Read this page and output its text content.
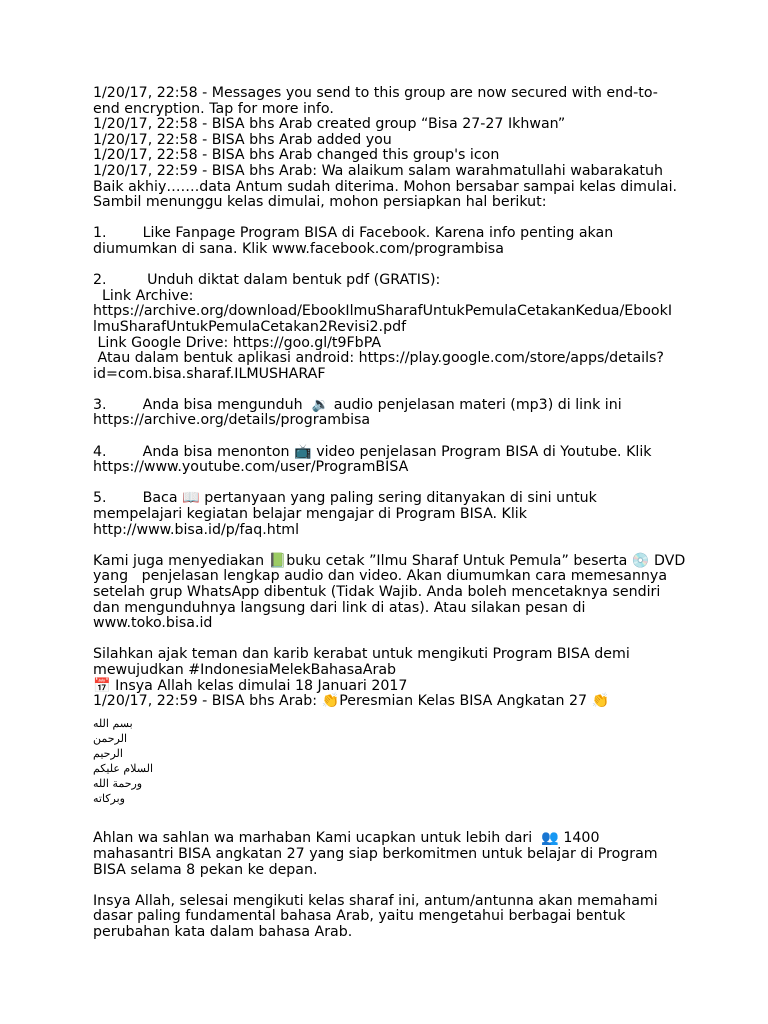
1/20/17, 22:58 - Messages you send to this group are now secured with end-to-
end encryption. Tap for more info.
1/20/17, 22:58 - BISA bhs Arab created group “Bisa 27-27 Ikhwan”
1/20/17, 22:58 - BISA bhs Arab added you
1/20/17, 22:58 - BISA bhs Arab changed this group's icon
1/20/17, 22:59 - BISA bhs Arab: Wa alaikum salam warahmatullahi wabarakatuh
Baik akhiy…….data Antum sudah diterima. Mohon bersabar sampai kelas dimulai.
Sambil menunggu kelas dimulai, mohon persiapkan hal berikut:
1.        Like Fanpage Program BISA di Facebook. Karena info penting akan
diumumkan di sana. Klik www.facebook.com/programbisa
2.         Unduh diktat dalam bentuk pdf (GRATIS):
Link Archive:
https://archive.org/download/EbookIlmuSharafUntukPemulaCetakanKedua/EbookI
lmuSharafUntukPemulaCetakan2Revisi2.pdf
Link Google Drive: https://goo.gl/t9FbPA
Atau dalam bentuk aplikasi android: https://play.google.com/store/apps/details?
id=com.bisa.sharaf.ILMUSHARAF
3.        Anda bisa mengunduh  🔉 audio penjelasan materi (mp3) di link ini
https://archive.org/details/programbisa
4.        Anda bisa menonton 📺 video penjelasan Program BISA di Youtube. Klik
https://www.youtube.com/user/ProgramBISA
5.        Baca 📖 pertanyaan yang paling sering ditanyakan di sini untuk
mempelajari kegiatan belajar mengajar di Program BISA. Klik
http://www.bisa.id/p/faq.html
Kami juga menyediakan 📗buku cetak ”Ilmu Sharaf Untuk Pemula” beserta 💿 DVD
yang   penjelasan lengkap audio dan video. Akan diumumkan cara memesannya
setelah grup WhatsApp dibentuk (Tidak Wajib. Anda boleh mencetaknya sendiri
dan mengunduhnya langsung dari link di atas). Atau silakan pesan di
www.toko.bisa.id
Silahkan ajak teman dan karib kerabat untuk mengikuti Program BISA demi
mewujudkan #IndonesiaMelekBahasaArab
📅 Insya Allah kelas dimulai 18 Januari 2017
1/20/17, 22:59 - BISA bhs Arab: 👏Peresmian Kelas BISA Angkatan 27 👏
بسم الله الرحمن الرحيم
السلام عليكم ورحمة الله وبركاته
Ahlan wa sahlan wa marhaban Kami ucapkan untuk lebih dari  👥 1400
mahasantri BISA angkatan 27 yang siap berkomitmen untuk belajar di Program
BISA selama 8 pekan ke depan.
Insya Allah, selesai mengikuti kelas sharaf ini, antum/antunna akan memahami
dasar paling fundamental bahasa Arab, yaitu mengetahui berbagai bentuk
perubahan kata dalam bahasa Arab.
